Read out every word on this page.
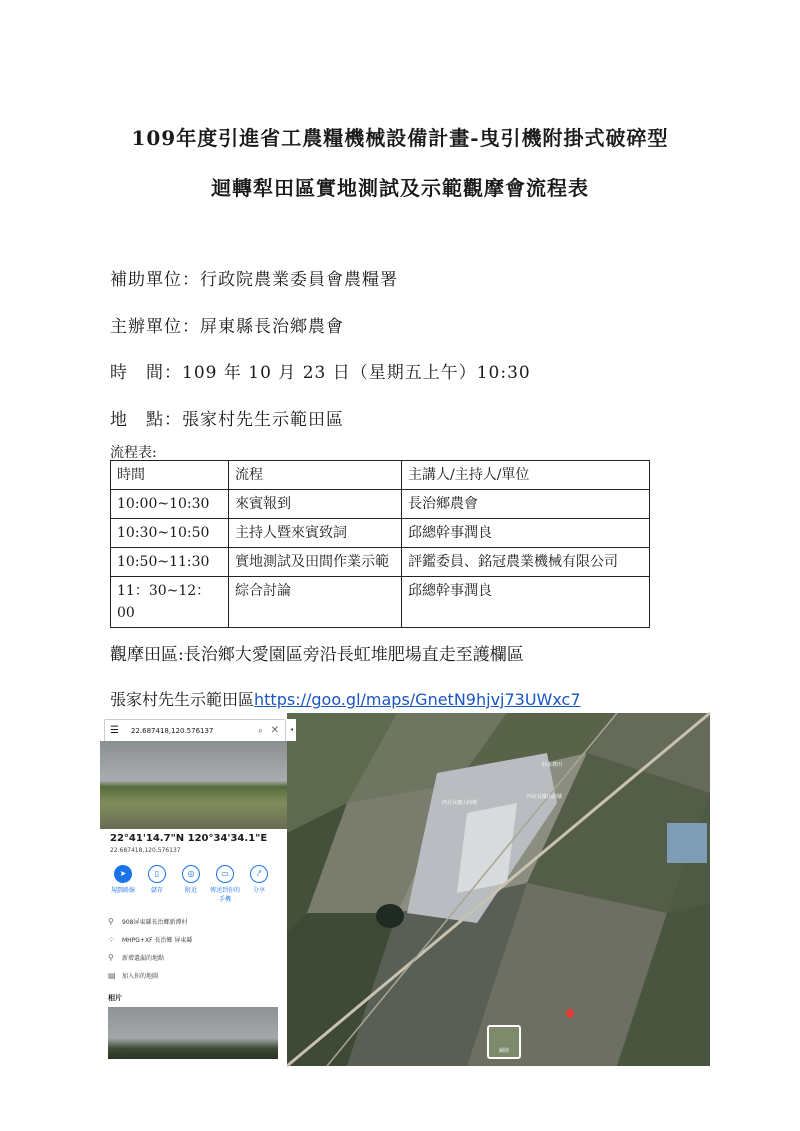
109年度引進省工農糧機械設備計畫-曳引機附掛式破碎型
迴轉犁田區實地測試及示範觀摩會流程表
補助單位：行政院農業委員會農糧署
主辦單位：屏東縣長治鄉農會
時　間：109 年 10 月 23 日（星期五上午）10:30
地　點：張家村先生示範田區
流程表:
時間	流程	主講人/主持人/單位
10:00~10:30	來賓報到	長治鄉農會
10:30~10:50	主持人暨來賓致詞	邱總幹事潤良
10:50~11:30	實地測試及田間作業示範	評鑑委員、銘冠農業機械有限公司
11：30~12：00	綜合討論	邱總幹事潤良
觀摩田區:長治鄉大愛園區旁沿長虹堆肥場直走至護欄區
張家村先生示範田區https://goo.gl/maps/GnetN9hjvj73UWxc7
仙水農田
西北長慶山商號
西北長慶山商號
圖層	Google
☰ 22.687418,120.576137	⌕ ✕	◂
22°41'14.7"N 120°34'34.1"E
22.687418,120.576137
➤
規劃路線
▯
儲存
◎
附近
▭
傳送到你的手機
⤤
分享
⚲ 908屏東縣長治鄉新潭村
⁘ MHPG+XF 長治鄉 屏東縣
⚲ 新增遺漏的地點
▤ 加入你的地圖
相片
